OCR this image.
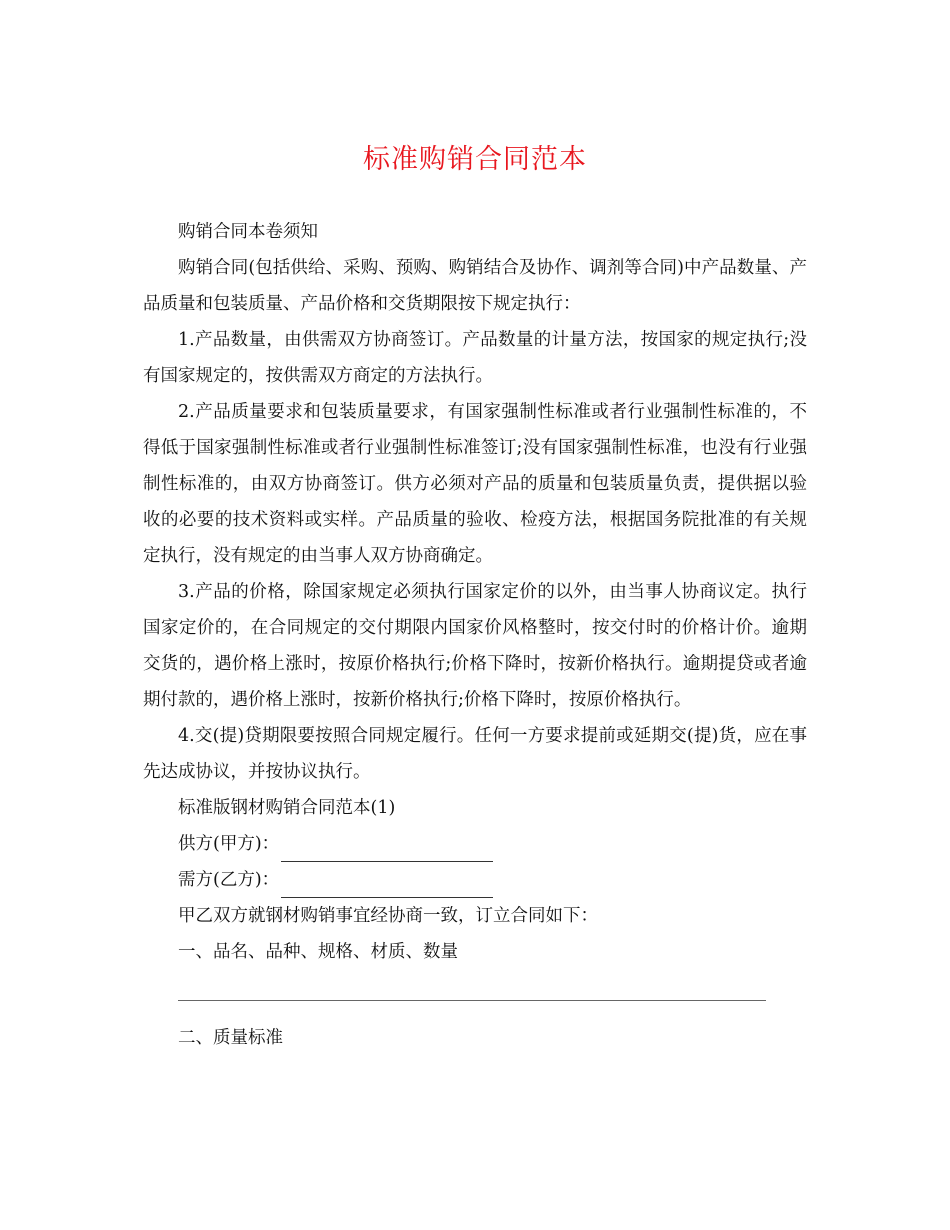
标准购销合同范本

购销合同本卷须知

购销合同(包括供给、采购、预购、购销结合及协作、调剂等合同)中产品数量、产品质量和包装质量、产品价格和交货期限按下规定执行：

1.产品数量，由供需双方协商签订。产品数量的计量方法，按国家的规定执行;没有国家规定的，按供需双方商定的方法执行。

2.产品质量要求和包装质量要求，有国家强制性标准或者行业强制性标准的，不得低于国家强制性标准或者行业强制性标准签订;没有国家强制性标准，也没有行业强制性标准的，由双方协商签订。供方必须对产品的质量和包装质量负责，提供据以验收的必要的技术资料或实样。产品质量的验收、检疫方法，根据国务院批准的有关规定执行，没有规定的由当事人双方协商确定。

3.产品的价格，除国家规定必须执行国家定价的以外，由当事人协商议定。执行国家定价的，在合同规定的交付期限内国家价风格整时，按交付时的价格计价。逾期交货的，遇价格上涨时，按原价格执行;价格下降时，按新价格执行。逾期提贷或者逾期付款的，遇价格上涨时，按新价格执行;价格下降时，按原价格执行。

4.交(提)贷期限要按照合同规定履行。任何一方要求提前或延期交(提)货，应在事先达成协议，并按协议执行。

标准版钢材购销合同范本(1)

供方(甲方)：

需方(乙方)：

甲乙双方就钢材购销事宜经协商一致，订立合同如下：

一、品名、品种、规格、材质、数量

二、质量标准
